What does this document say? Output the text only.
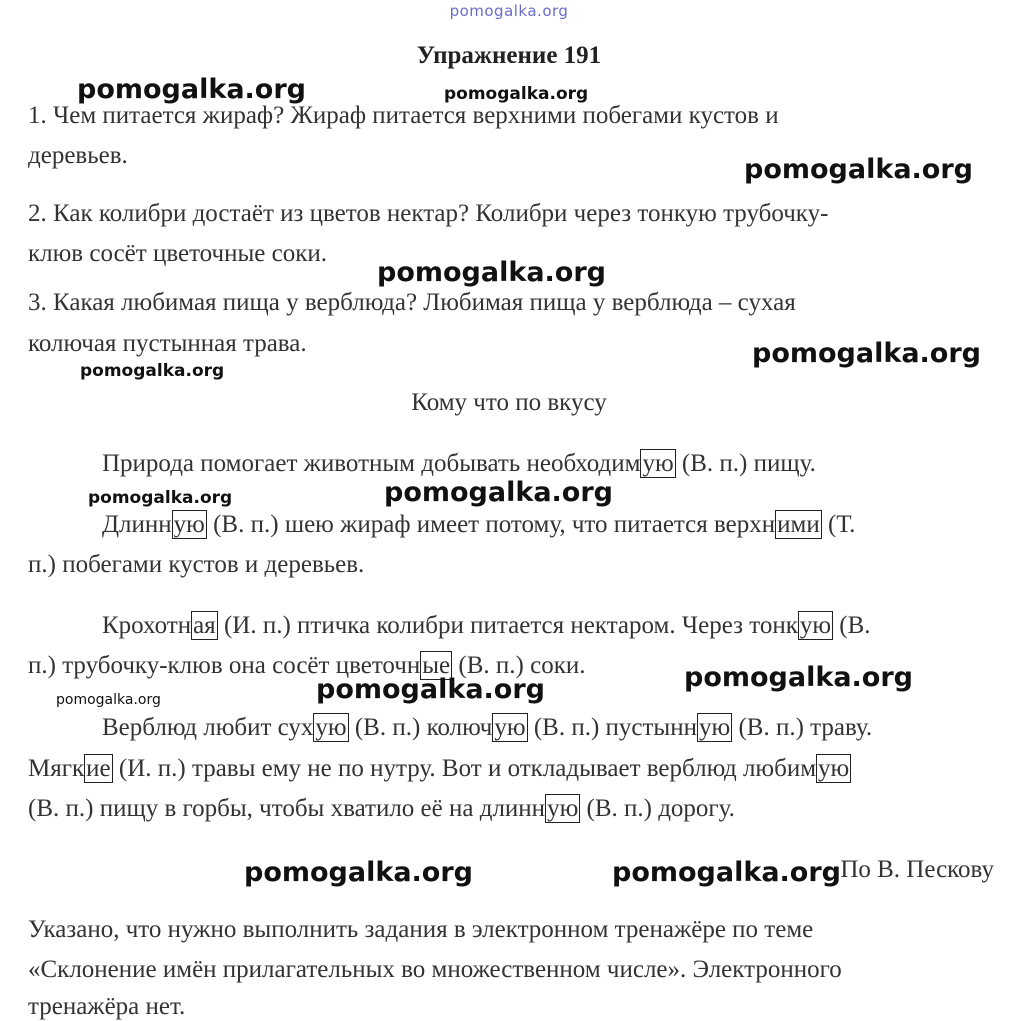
pomogalka.org
Упражнение 191
1. Чем питается жираф? Жираф питается верхними побегами кустов и
деревьев.
2. Как колибри достаёт из цветов нектар? Колибри через тонкую трубочку-
клюв сосёт цветочные соки.
3. Какая любимая пища у верблюда? Любимая пища у верблюда – сухая
колючая пустынная трава.
Кому что по вкусу
Природа помогает животным добывать необходимую (В. п.) пищу.
Длинную (В. п.) шею жираф имеет потому, что питается верхними (Т.
п.) побегами кустов и деревьев.
Крохотная (И. п.) птичка колибри питается нектаром. Через тонкую (В.
п.) трубочку-клюв она сосёт цветочные (В. п.) соки.
Верблюд любит сухую (В. п.) колючую (В. п.) пустынную (В. п.) траву.
Мягкие (И. п.) травы ему не по нутру. Вот и откладывает верблюд любимую
(В. п.) пищу в горбы, чтобы хватило её на длинную (В. п.) дорогу.
По В. Пескову
Указано, что нужно выполнить задания в электронном тренажёре по теме
«Склонение имён прилагательных во множественном числе». Электронного
тренажёра нет.
pomogalka.org	pomogalka.org
pomogalka.org
pomogalka.org
pomogalka.org
pomogalka.org
pomogalka.org	pomogalka.org
pomogalka.org
pomogalka.org
pomogalka.org
pomogalka.org	pomogalka.org
